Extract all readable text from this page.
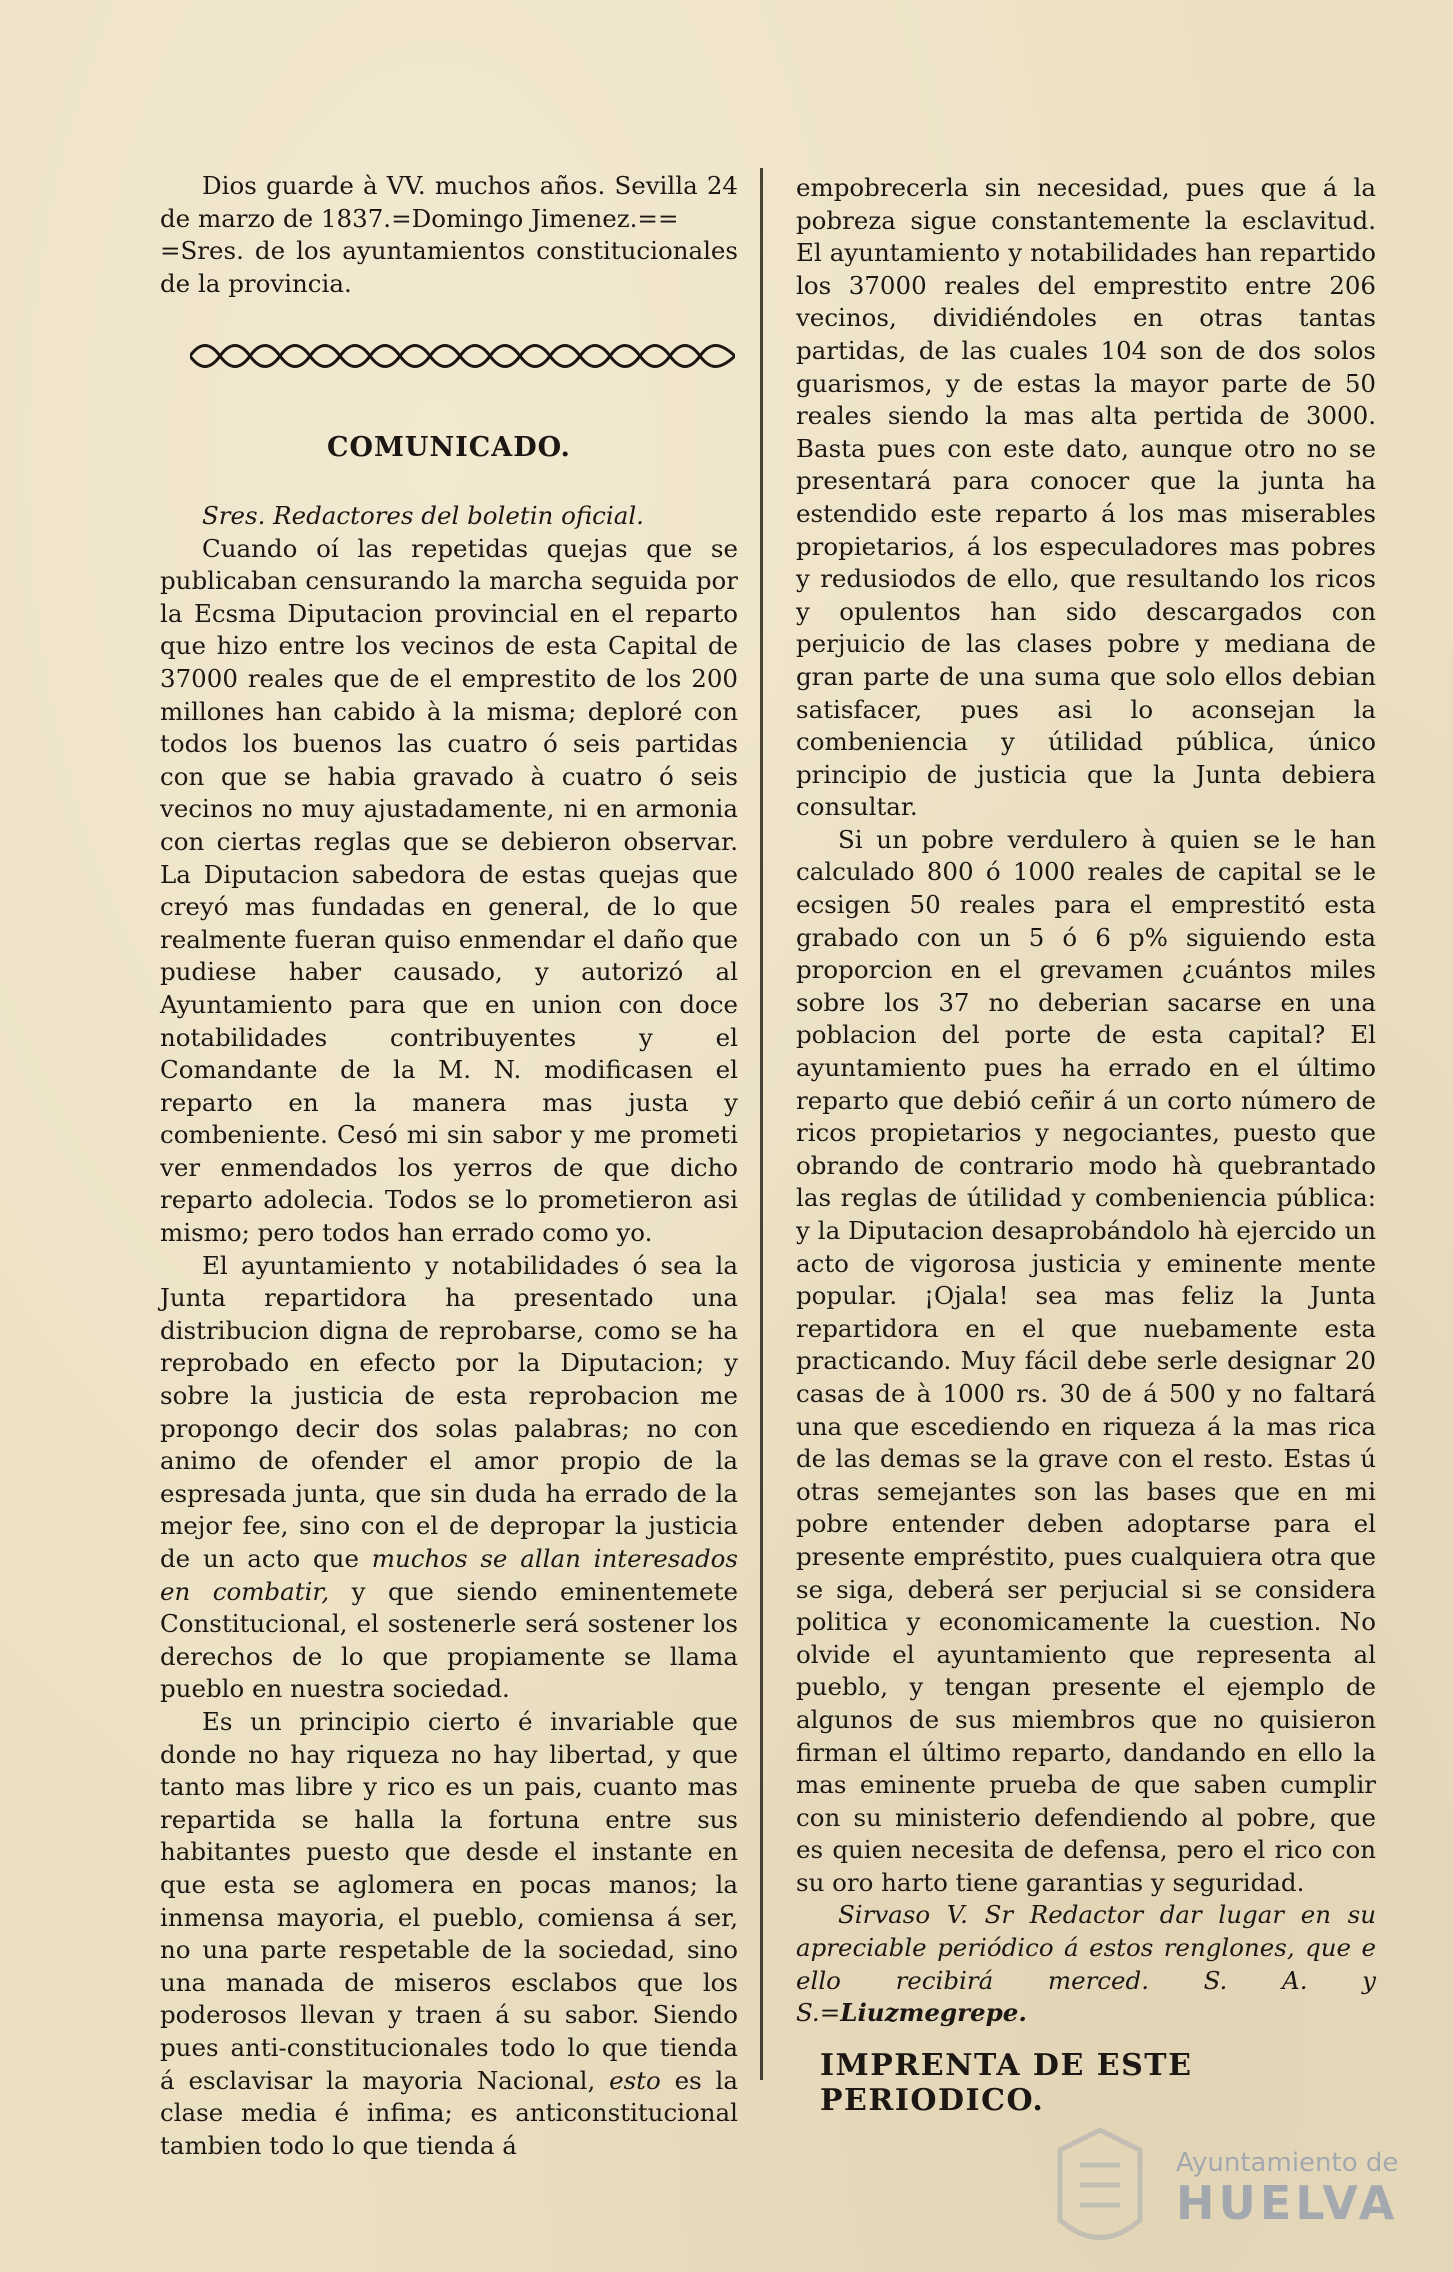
Dios guarde à VV. muchos años. Sevilla 24 de marzo de 1837.=Domingo Jimenez.==

=Sres. de los ayuntamientos constitucionales de la provincia.

COMUNICADO.

Sres. Redactores del boletin oficial.

Cuando oí las repetidas quejas que se publicaban censurando la marcha seguida por la Ecsma Diputacion provincial en el reparto que hizo entre los vecinos de esta Capital de 37000 reales que de el emprestito de los 200 millones han cabido à la misma; deploré con todos los buenos las cuatro ó seis partidas con que se habia gravado à cuatro ó seis vecinos no muy ajustadamente, ni en armonia con ciertas reglas que se debieron observar. La Diputacion sabedora de estas quejas que creyó mas fundadas en general, de lo que realmente fueran quiso enmendar el daño que pudiese haber causado, y autorizó al Ayuntamiento para que en union con doce notabilidades contribuyentes y el Comandante de la M. N. modificasen el reparto en la manera mas justa y combeniente. Cesó mi sin sabor y me prometi ver enmendados los yerros de que dicho reparto adolecia. Todos se lo prometieron asi mismo; pero todos han errado como yo.

El ayuntamiento y notabilidades ó sea la Junta repartidora ha presentado una distribucion digna de reprobarse, como se ha reprobado en efecto por la Diputacion; y sobre la justicia de esta reprobacion me propongo decir dos solas palabras; no con animo de ofender el amor propio de la espresada junta, que sin duda ha errado de la mejor fee, sino con el de depropar la justicia de un acto que muchos se allan interesados en combatir, y que siendo eminentemete Constitucional, el sostenerle será sostener los derechos de lo que propiamente se llama pueblo en nuestra sociedad.

Es un principio cierto é invariable que donde no hay riqueza no hay libertad, y que tanto mas libre y rico es un pais, cuanto mas repartida se halla la fortuna entre sus habitantes puesto que desde el instante en que esta se aglomera en pocas manos; la inmensa mayoria, el pueblo, comiensa á ser, no una parte respetable de la sociedad, sino una manada de miseros esclabos que los poderosos llevan y traen á su sabor. Siendo pues anti-constitucionales todo lo que tienda á esclavisar la mayoria Nacional, esto es la clase media é infima; es anticonstitucional tambien todo lo que tienda á

empobrecerla sin necesidad, pues que á la pobreza sigue constantemente la esclavitud. El ayuntamiento y notabilidades han repartido los 37000 reales del emprestito entre 206 vecinos, dividiéndoles en otras tantas partidas, de las cuales 104 son de dos solos guarismos, y de estas la mayor parte de 50 reales siendo la mas alta pertida de 3000. Basta pues con este dato, aunque otro no se presentará para conocer que la junta ha estendido este reparto á los mas miserables propietarios, á los especuladores mas pobres y redusiodos de ello, que resultando los ricos y opulentos han sido descargados con perjuicio de las clases pobre y mediana de gran parte de una suma que solo ellos debian satisfacer, pues asi lo aconsejan la combeniencia y útilidad pública, único principio de justicia que la Junta debiera consultar.

Si un pobre verdulero à quien se le han calculado 800 ó 1000 reales de capital se le ecsigen 50 reales para el emprestitó esta grabado con un 5 ó 6 p% siguiendo esta proporcion en el grevamen ¿cuántos miles sobre los 37 no deberian sacarse en una poblacion del porte de esta capital? El ayuntamiento pues ha errado en el último reparto que debió ceñir á un corto número de ricos propietarios y negociantes, puesto que obrando de contrario modo hà quebrantado las reglas de útilidad y combeniencia pública: y la Diputacion desaprobándolo hà ejercido un acto de vigorosa justicia y eminente mente popular. ¡Ojala! sea mas feliz la Junta repartidora en el que nuebamente esta practicando. Muy fácil debe serle designar 20 casas de à 1000 rs. 30 de á 500 y no faltará una que escediendo en riqueza á la mas rica de las demas se la grave con el resto. Estas ú otras semejantes son las bases que en mi pobre entender deben adoptarse para el presente empréstito, pues cualquiera otra que se siga, deberá ser perjucial si se considera politica y economicamente la cuestion. No olvide el ayuntamiento que representa al pueblo, y tengan presente el ejemplo de algunos de sus miembros que no quisieron firman el último reparto, dandando en ello la mas eminente prueba de que saben cumplir con su ministerio defendiendo al pobre, que es quien necesita de defensa, pero el rico con su oro harto tiene garantias y seguridad.

Sirvaso V. Sr Redactor dar lugar en su apreciable periódico á estos renglones, que e ello recibirá merced. S. A. y S.=Liuzmegrepe.

IMPRENTA DE ESTE PERIODICO.
Ayuntamiento de
HUELVA
